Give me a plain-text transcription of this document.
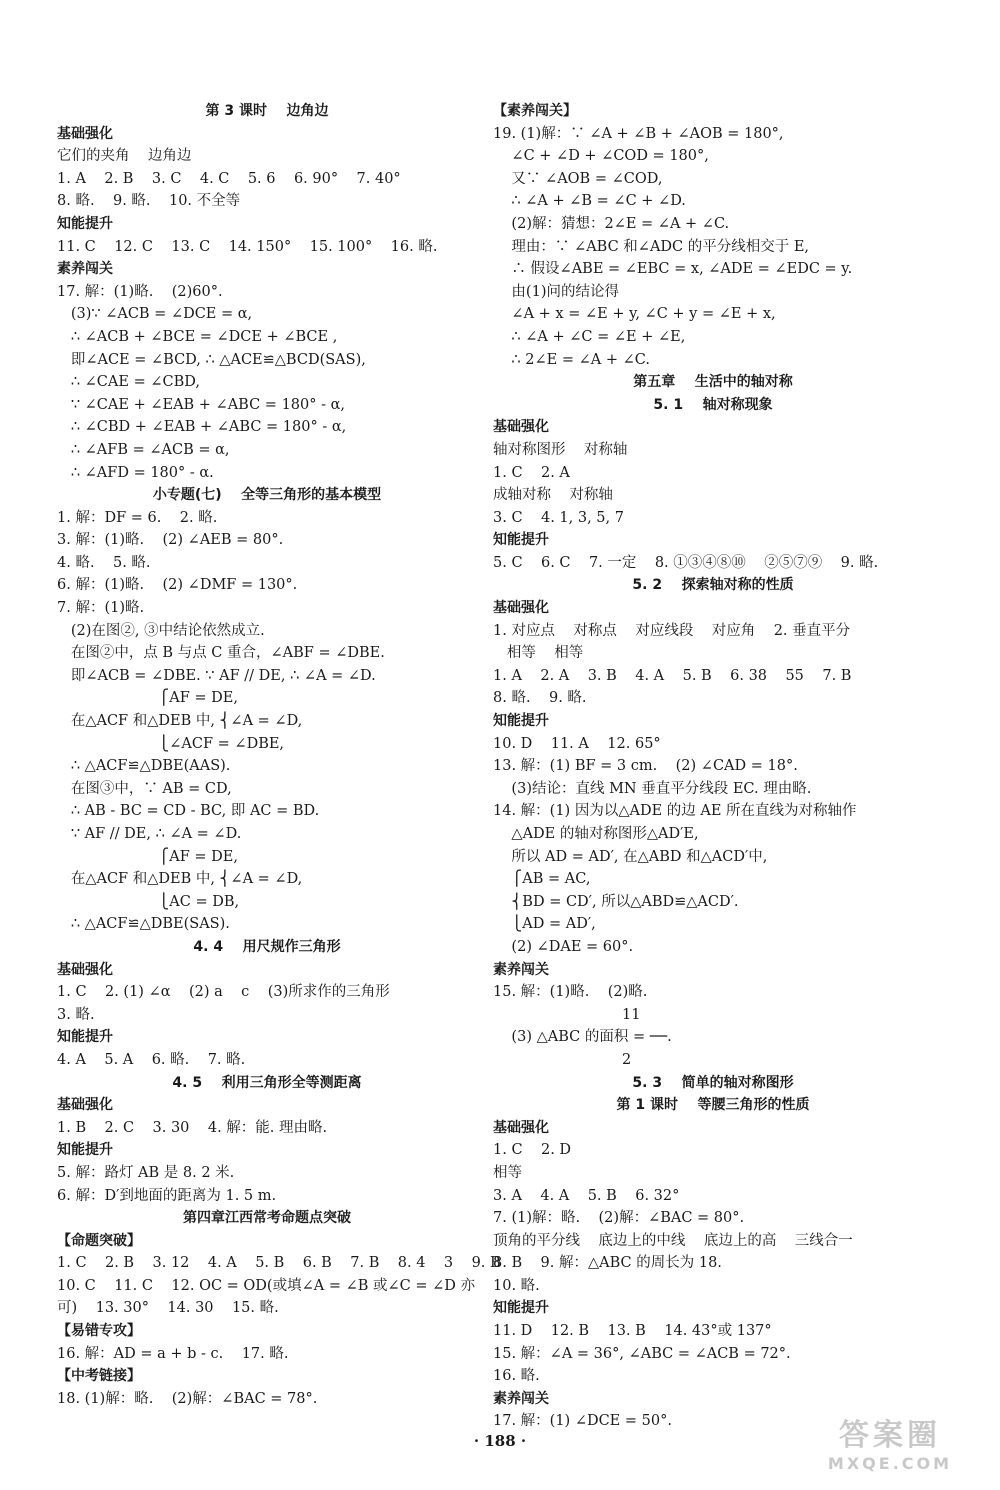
第 3 课时    边角边
基础强化
它们的夹角    边角边
1. A    2. B    3. C    4. C    5. 6    6. 90°    7. 40°
8. 略.    9. 略.    10. 不全等
知能提升
11. C    12. C    13. C    14. 150°    15. 100°    16. 略.
素养闯关
17. 解：(1)略.    (2)60°.
(3)∵ ∠ACB = ∠DCE = α,
∴ ∠ACB + ∠BCE = ∠DCE + ∠BCE ,
即∠ACE = ∠BCD, ∴ △ACE≌△BCD(SAS),
∴ ∠CAE = ∠CBD,
∵ ∠CAE + ∠EAB + ∠ABC = 180° - α,
∴ ∠CBD + ∠EAB + ∠ABC = 180° - α,
∴ ∠AFB = ∠ACB = α,
∴ ∠AFD = 180° - α.
小专题(七)    全等三角形的基本模型
1. 解：DF = 6.    2. 略.
3. 解：(1)略.    (2) ∠AEB = 80°.
4. 略.    5. 略.
6. 解：(1)略.    (2) ∠DMF = 130°.
7. 解：(1)略.
(2)在图②, ③中结论依然成立.
在图②中，点 B 与点 C 重合，∠ABF = ∠DBE.
即∠ACB = ∠DBE. ∵ AF // DE, ∴ ∠A = ∠D.
⎧AF = DE,
在△ACF 和△DEB 中, ⎨∠A = ∠D,
⎩∠ACF = ∠DBE,
∴ △ACF≌△DBE(AAS).
在图③中，∵ AB = CD,
∴ AB - BC = CD - BC, 即 AC = BD.
∵ AF // DE, ∴ ∠A = ∠D.
⎧AF = DE,
在△ACF 和△DEB 中, ⎨∠A = ∠D,
⎩AC = DB,
∴ △ACF≌△DBE(SAS).
4. 4    用尺规作三角形
基础强化
1. C    2. (1) ∠α    (2) a    c    (3)所求作的三角形
3. 略.
知能提升
4. A    5. A    6. 略.    7. 略.
4. 5    利用三角形全等测距离
基础强化
1. B    2. C    3. 30    4. 解：能. 理由略.
知能提升
5. 解：路灯 AB 是 8. 2 米.
6. 解：D′到地面的距离为 1. 5 m.
第四章江西常考命题点突破
【命题突破】
1. C    2. B    3. 12    4. A    5. B    6. B    7. B    8. 4    3    9. B
10. C    11. C    12. OC = OD(或填∠A = ∠B 或∠C = ∠D 亦
可)    13. 30°    14. 30    15. 略.
【易错专攻】
16. 解：AD = a + b - c.    17. 略.
【中考链接】
18. (1)解：略.    (2)解：∠BAC = 78°.
【素养闯关】
19. (1)解：∵ ∠A + ∠B + ∠AOB = 180°,
∠C + ∠D + ∠COD = 180°,
又∵ ∠AOB = ∠COD,
∴ ∠A + ∠B = ∠C + ∠D.
(2)解：猜想：2∠E = ∠A + ∠C.
理由：∵ ∠ABC 和∠ADC 的平分线相交于 E,
∴ 假设∠ABE = ∠EBC = x, ∠ADE = ∠EDC = y.
由(1)问的结论得
∠A + x = ∠E + y, ∠C + y = ∠E + x,
∴ ∠A + ∠C = ∠E + ∠E,
∴ 2∠E = ∠A + ∠C.
第五章    生活中的轴对称
5. 1    轴对称现象
基础强化
轴对称图形    对称轴
1. C    2. A
成轴对称    对称轴
3. C    4. 1, 3, 5, 7
知能提升
5. C    6. C    7. 一定    8. ①③④⑧⑩    ②⑤⑦⑨    9. 略.
5. 2    探索轴对称的性质
基础强化
1. 对应点    对称点    对应线段    对应角    2. 垂直平分
相等    相等
1. A    2. A    3. B    4. A    5. B    6. 38    55    7. B
8. 略.    9. 略.
知能提升
10. D    11. A    12. 65°
13. 解：(1) BF = 3 cm.    (2) ∠CAD = 18°.
(3)结论：直线 MN 垂直平分线段 EC. 理由略.
14. 解：(1) 因为以△ADE 的边 AE 所在直线为对称轴作
△ADE 的轴对称图形△AD′E,
所以 AD = AD′, 在△ABD 和△ACD′中,
⎧AB = AC,
⎨BD = CD′, 所以△ABD≌△ACD′.
⎩AD = AD′,
(2) ∠DAE = 60°.
素养闯关
15. 解：(1)略.    (2)略.
11
(3) △ABC 的面积 = ──.
2
5. 3    简单的轴对称图形
第 1 课时    等腰三角形的性质
基础强化
1. C    2. D
相等
3. A    4. A    5. B    6. 32°
7. (1)解：略.    (2)解：∠BAC = 80°.
顶角的平分线    底边上的中线    底边上的高    三线合一
8. B    9. 解：△ABC 的周长为 18.
10. 略.
知能提升
11. D    12. B    13. B    14. 43°或 137°
15. 解：∠A = 36°, ∠ABC = ∠ACB = 72°.
16. 略.
素养闯关
17. 解：(1) ∠DCE = 50°.
· 188 ·	答案圈
MXQE.COM
